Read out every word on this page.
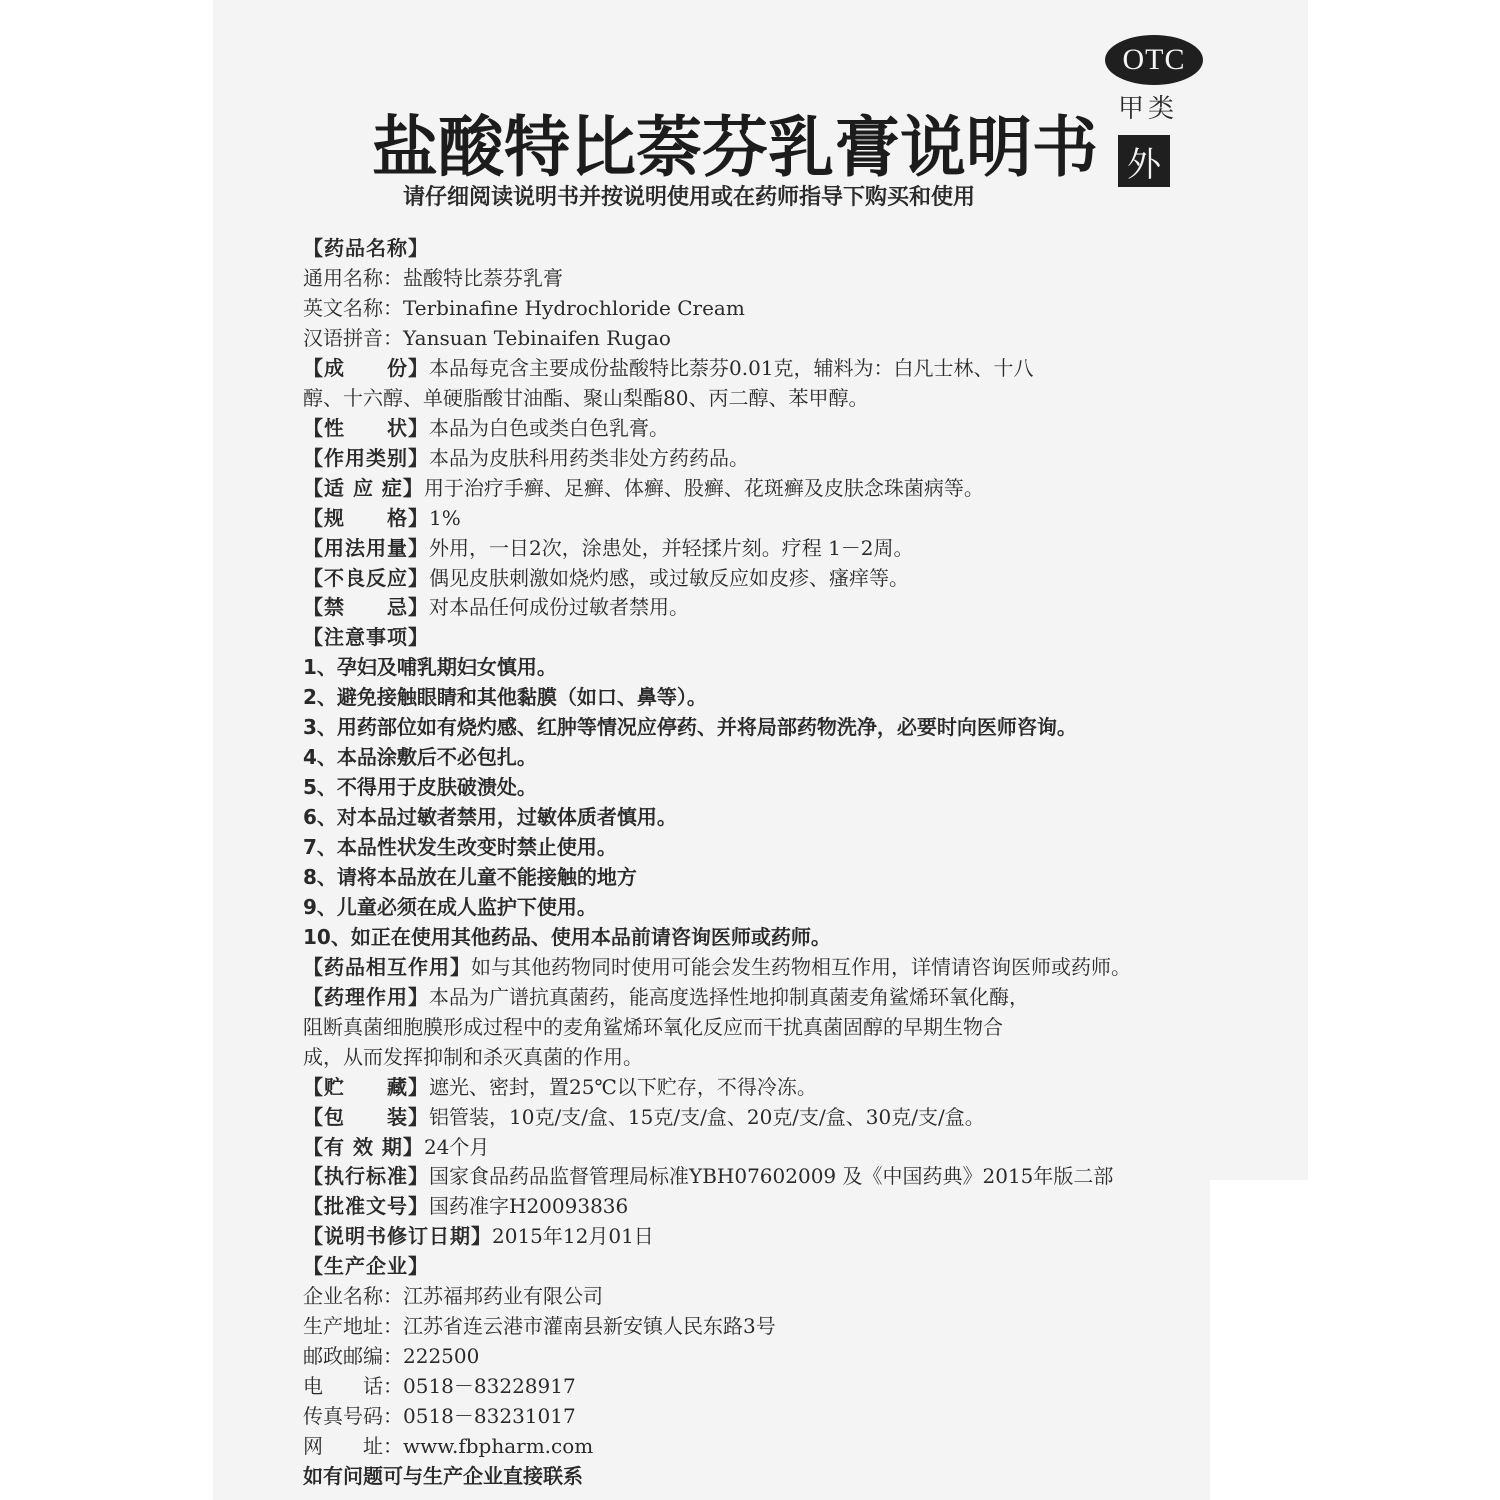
OTC
甲类
外
盐酸特比萘芬乳膏说明书
请仔细阅读说明书并按说明使用或在药师指导下购买和使用
【药品名称】
通用名称：盐酸特比萘芬乳膏
英文名称：Terbinafine Hydrochloride Cream
汉语拼音：Yansuan Tebinaifen Rugao
【成　　份】本品每克含主要成份盐酸特比萘芬0.01克，辅料为：白凡士林、十八
醇、十六醇、单硬脂酸甘油酯、聚山梨酯80、丙二醇、苯甲醇。
【性　　状】本品为白色或类白色乳膏。
【作用类别】本品为皮肤科用药类非处方药药品。
【适 应 症】用于治疗手癣、足癣、体癣、股癣、花斑癣及皮肤念珠菌病等。
【规　　格】1%
【用法用量】外用，一日2次，涂患处，并轻揉片刻。疗程 1－2周。
【不良反应】偶见皮肤刺激如烧灼感，或过敏反应如皮疹、瘙痒等。
【禁　　忌】对本品任何成份过敏者禁用。
【注意事项】
1、孕妇及哺乳期妇女慎用。
2、避免接触眼睛和其他黏膜（如口、鼻等）。
3、用药部位如有烧灼感、红肿等情况应停药、并将局部药物洗净，必要时向医师咨询。
4、本品涂敷后不必包扎。
5、不得用于皮肤破溃处。
6、对本品过敏者禁用，过敏体质者慎用。
7、本品性状发生改变时禁止使用。
8、请将本品放在儿童不能接触的地方
9、儿童必须在成人监护下使用。
10、如正在使用其他药品、使用本品前请咨询医师或药师。
【药品相互作用】如与其他药物同时使用可能会发生药物相互作用，详情请咨询医师或药师。
【药理作用】本品为广谱抗真菌药，能高度选择性地抑制真菌麦角鲨烯环氧化酶，
阻断真菌细胞膜形成过程中的麦角鲨烯环氧化反应而干扰真菌固醇的早期生物合
成，从而发挥抑制和杀灭真菌的作用。
【贮　　藏】遮光、密封，置25℃以下贮存，不得冷冻。
【包　　装】铝管装，10克/支/盒、15克/支/盒、20克/支/盒、30克/支/盒。
【有 效 期】24个月
【执行标准】国家食品药品监督管理局标准YBH07602009 及《中国药典》2015年版二部
【批准文号】国药准字H20093836
【说明书修订日期】2015年12月01日
【生产企业】
企业名称：江苏福邦药业有限公司
生产地址：江苏省连云港市灌南县新安镇人民东路3号
邮政邮编：222500
电　　话：0518－83228917
传真号码：0518－83231017
网　　址：www.fbpharm.com
如有问题可与生产企业直接联系
